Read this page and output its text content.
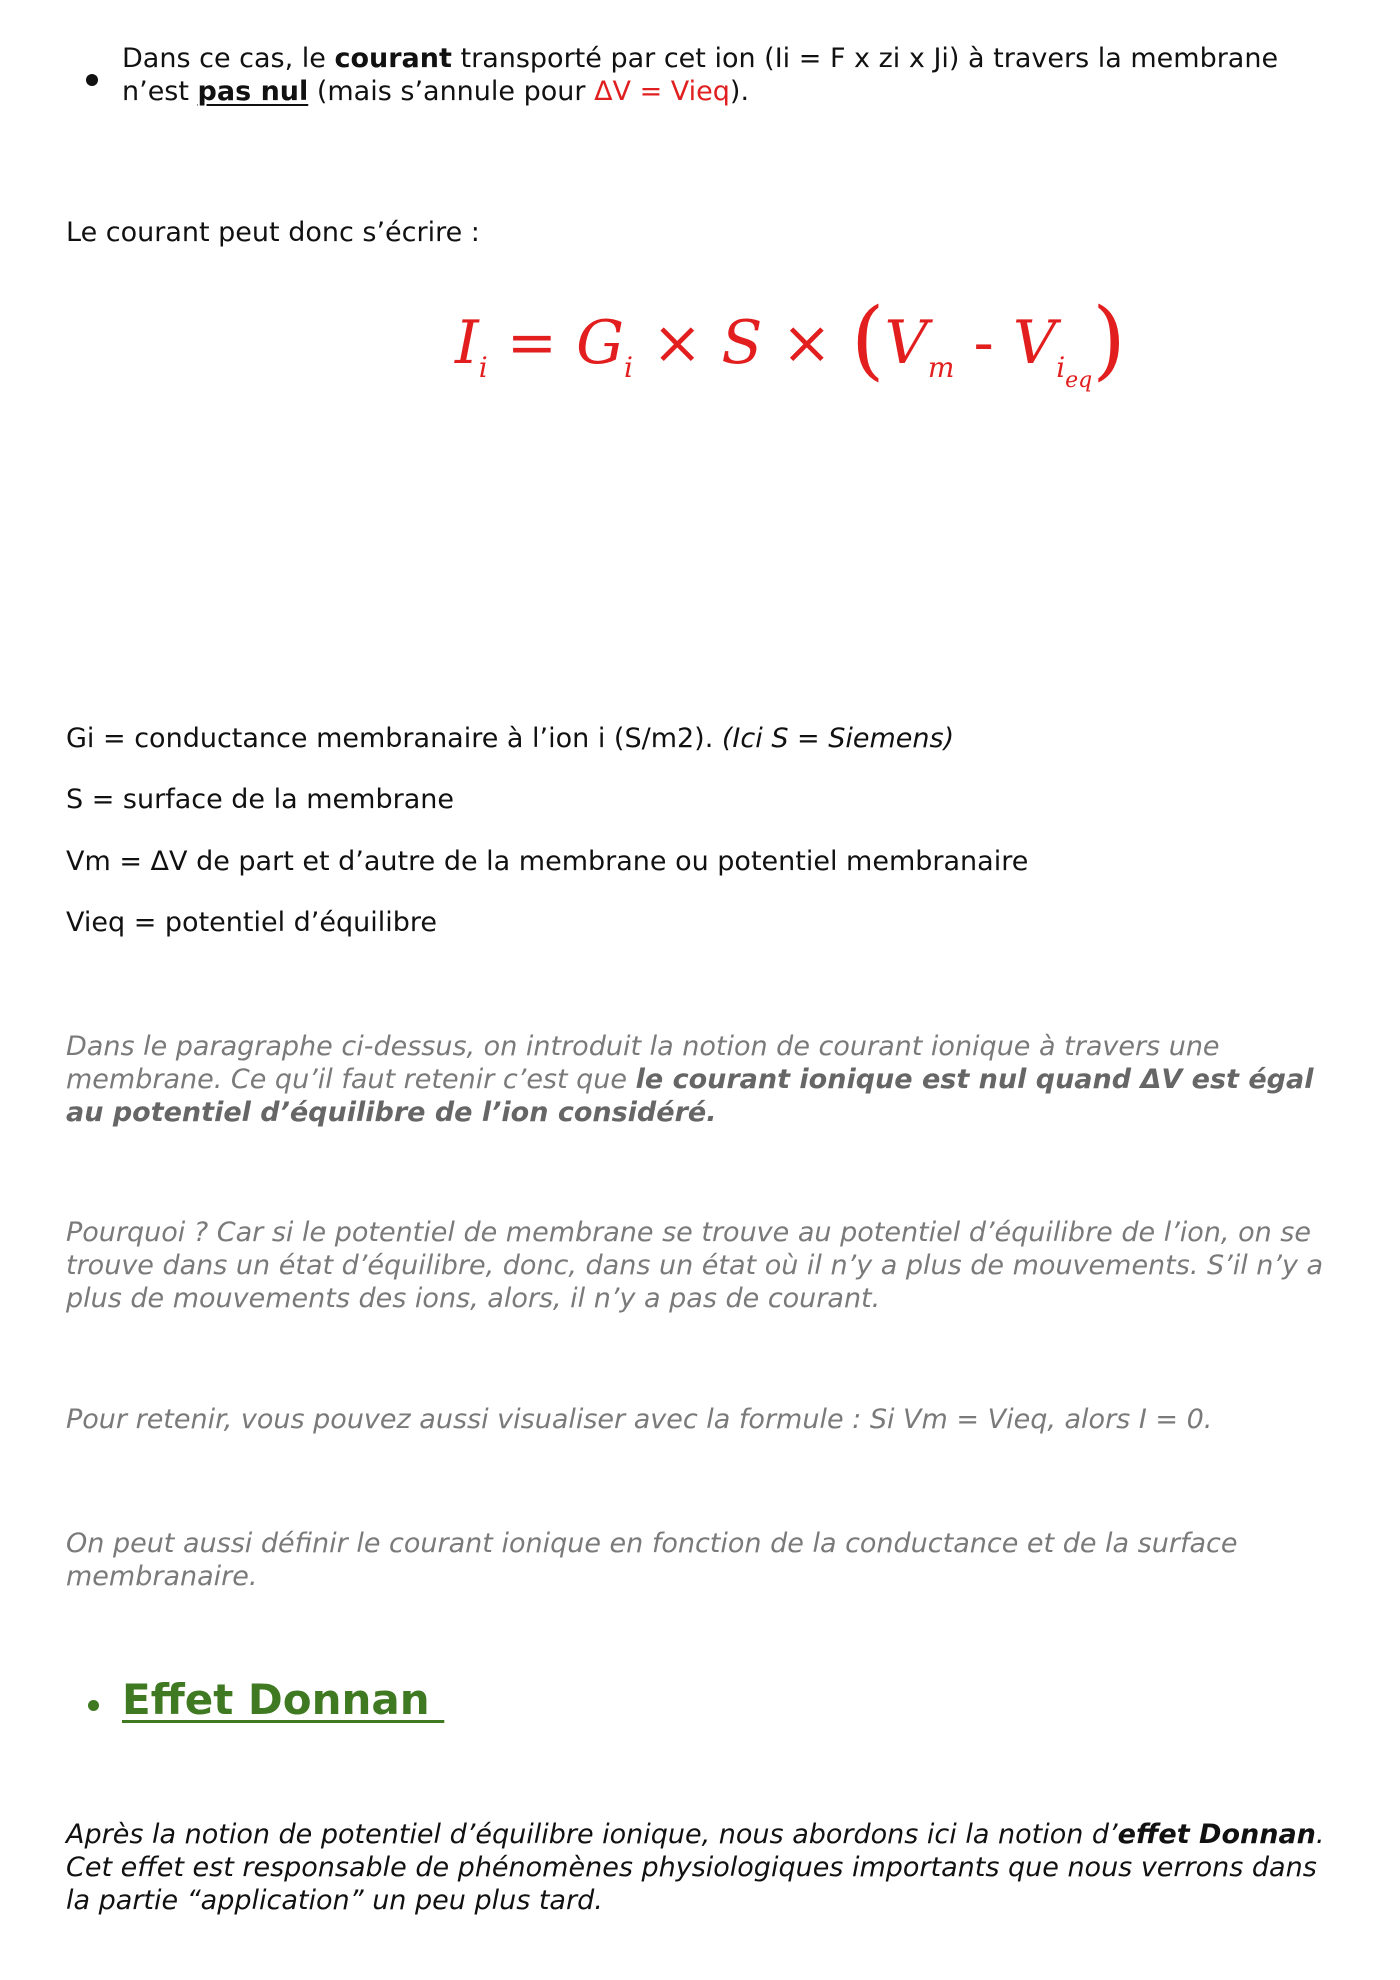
Dans ce cas, le courant transporté par cet ion (Ii = F x zi x Ji) à travers la membrane n’est pas nul (mais s’annule pour ΔV = Vieq).

Le courant peut donc s’écrire :

$I_i = G_i \times S \times (V_m - V_{i_{eq}})$

Gi = conductance membranaire à l’ion i (S/m2). (Ici S = Siemens)

S = surface de la membrane

Vm = ΔV de part et d’autre de la membrane ou potentiel membranaire

Vieq = potentiel d’équilibre

Dans le paragraphe ci-dessus, on introduit la notion de courant ionique à travers une membrane. Ce qu’il faut retenir c’est que le courant ionique est nul quand ΔV est égal au potentiel d’équilibre de l’ion considéré.

Pourquoi ? Car si le potentiel de membrane se trouve au potentiel d’équilibre de l’ion, on se trouve dans un état d’équilibre, donc, dans un état où il n’y a plus de mouvements. S’il n’y a plus de mouvements des ions, alors, il n’y a pas de courant.

Pour retenir, vous pouvez aussi visualiser avec la formule : Si Vm = Vieq, alors I = 0.

On peut aussi définir le courant ionique en fonction de la conductance et de la surface membranaire.

Effet Donnan

Après la notion de potentiel d’équilibre ionique, nous abordons ici la notion d’effet Donnan. Cet effet est responsable de phénomènes physiologiques importants que nous verrons dans la partie “application” un peu plus tard.
